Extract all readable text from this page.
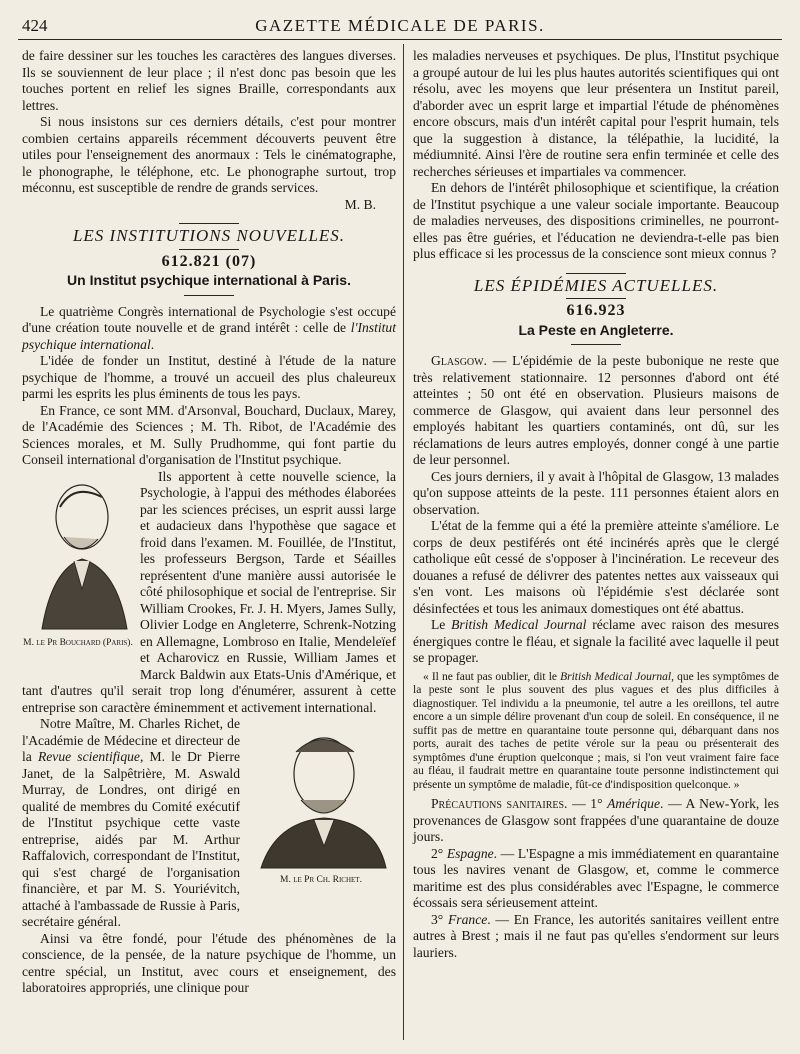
424	GAZETTE MÉDICALE DE PARIS.

de faire dessiner sur les touches les caractères des langues diverses. Ils se souviennent de leur place ; il n'est donc pas besoin que les touches portent en relief les signes Braille, correspondants aux lettres.

Si nous insistons sur ces derniers détails, c'est pour montrer combien certains appareils récemment découverts peuvent être utiles pour l'enseignement des anormaux : Tels le cinématographe, le phonographe, le téléphone, etc. Le phonographe surtout, trop méconnu, est susceptible de rendre de grands services.

M. B.
LES INSTITUTIONS NOUVELLES.
612.821 (07)
Un Institut psychique international à Paris.

Le quatrième Congrès international de Psychologie s'est occupé d'une création toute nouvelle et de grand intérêt : celle de l'Institut psychique international.

L'idée de fonder un Institut, destiné à l'étude de la nature psychique de l'homme, a trouvé un accueil des plus chaleureux parmi les esprits les plus éminents de tous les pays.

En France, ce sont MM. d'Arsonval, Bouchard, Duclaux, Marey, de l'Académie des Sciences ; M. Th. Ribot, de l'Académie des Sciences morales, et M. Sully Prudhomme, qui font partie du Conseil international d'organisation de l'Institut psychique.

M. le Pr Bouchard (Paris).

Ils apportent à cette nouvelle science, la Psychologie, à l'appui des méthodes élaborées par les sciences précises, un esprit aussi large et audacieux dans l'hypothèse que sagace et froid dans l'examen. M. Fouillée, de l'Institut, les professeurs Bergson, Tarde et Séailles représentent d'une manière aussi autorisée le côté philosophique et social de l'entreprise. Sir William Crookes, Fr. J. H. Myers, James Sully, Olivier Lodge en Angleterre, Schrenk-Notzing en Allemagne, Lombroso en Italie, Mendeleïef et Acharovicz en Russie, William James et Marck Baldwin aux Etats-Unis d'Amérique, et tant d'autres qu'il serait trop long d'énumérer, assurent à cette entreprise son caractère éminemment et activement international.

M. le Pr Ch. Richet.

Notre Maître, M. Charles Richet, de l'Académie de Médecine et directeur de la Revue scientifique, M. le Dr Pierre Janet, de la Salpêtrière, M. Aswald Murray, de Londres, ont dirigé en qualité de membres du Comité exécutif de l'Institut psychique cette vaste entreprise, aidés par M. Arthur Raffalovich, correspondant de l'Institut, qui s'est chargé de l'organisation financière, et par M. S. Youriévitch, attaché à l'ambassade de Russie à Paris, secrétaire général.

Ainsi va être fondé, pour l'étude des phénomènes de la conscience, de la pensée, de la nature psychique de l'homme, un centre spécial, un Institut, avec cours et enseignement, des laboratoires appropriés, une clinique pour

les maladies nerveuses et psychiques. De plus, l'Institut psychique a groupé autour de lui les plus hautes autorités scientifiques qui ont résolu, avec les moyens que leur présentera un Institut pareil, d'aborder avec un esprit large et impartial l'étude de phénomènes encore obscurs, mais d'un intérêt capital pour l'esprit humain, tels que la suggestion à distance, la télépathie, la lucidité, la médiumnité. Ainsi l'ère de routine sera enfin terminée et celle des recherches sérieuses et impartiales va commencer.

En dehors de l'intérêt philosophique et scientifique, la création de l'Institut psychique a une valeur sociale importante. Beaucoup de maladies nerveuses, des dispositions criminelles, ne pourront-elles pas être guéries, et l'éducation ne deviendra-t-elle pas bien plus efficace si les processus de la conscience sont mieux connus ?

LES ÉPIDÉMIES ACTUELLES.
616.923
La Peste en Angleterre.

Glasgow. — L'épidémie de la peste bubonique ne reste que très relativement stationnaire. 12 personnes d'abord ont été atteintes ; 50 ont été en observation. Plusieurs maisons de commerce de Glasgow, qui avaient dans leur personnel des employés habitant les quartiers contaminés, ont dû, sur les réclamations de leurs autres employés, donner congé à une partie de leur personnel.

Ces jours derniers, il y avait à l'hôpital de Glasgow, 13 malades qu'on suppose atteints de la peste. 111 personnes étaient alors en observation.

L'état de la femme qui a été la première atteinte s'améliore. Le corps de deux pestiférés ont été incinérés après que le clergé catholique eût cessé de s'opposer à l'incinération. Le receveur des douanes a refusé de délivrer des patentes nettes aux vaisseaux qui s'en vont. Les maisons où l'épidémie s'est déclarée sont désinfectées et tous les animaux domestiques ont été abattus.

Le British Medical Journal réclame avec raison des mesures énergiques contre le fléau, et signale la facilité avec laquelle il peut se propager.

« Il ne faut pas oublier, dit le British Medical Journal, que les symptômes de la peste sont le plus souvent des plus vagues et des plus difficiles à diagnostiquer. Tel individu a la pneumonie, tel autre a les oreillons, tel autre encore a un simple délire provenant d'un coup de soleil. En conséquence, il ne suffit pas de mettre en quarantaine toute personne qui, débarquant dans nos ports, aurait des taches de petite vérole sur la peau ou présenterait des symptômes d'une éruption quelconque ; mais, si l'on veut vraiment faire face au fléau, il faudrait mettre en quarantaine toute personne indistinctement qui présente un symptôme de maladie, fût-ce d'indisposition quelconque. »

Précautions sanitaires. — 1° Amérique. — A New-York, les provenances de Glasgow sont frappées d'une quarantaine de douze jours.

2° Espagne. — L'Espagne a mis immédiatement en quarantaine tous les navires venant de Glasgow, et, comme le commerce maritime est des plus considérables avec l'Espagne, le commerce écossais sera sérieusement atteint.

3° France. — En France, les autorités sanitaires veillent entre autres à Brest ; mais il ne faut pas qu'elles s'endorment sur leurs lauriers.
